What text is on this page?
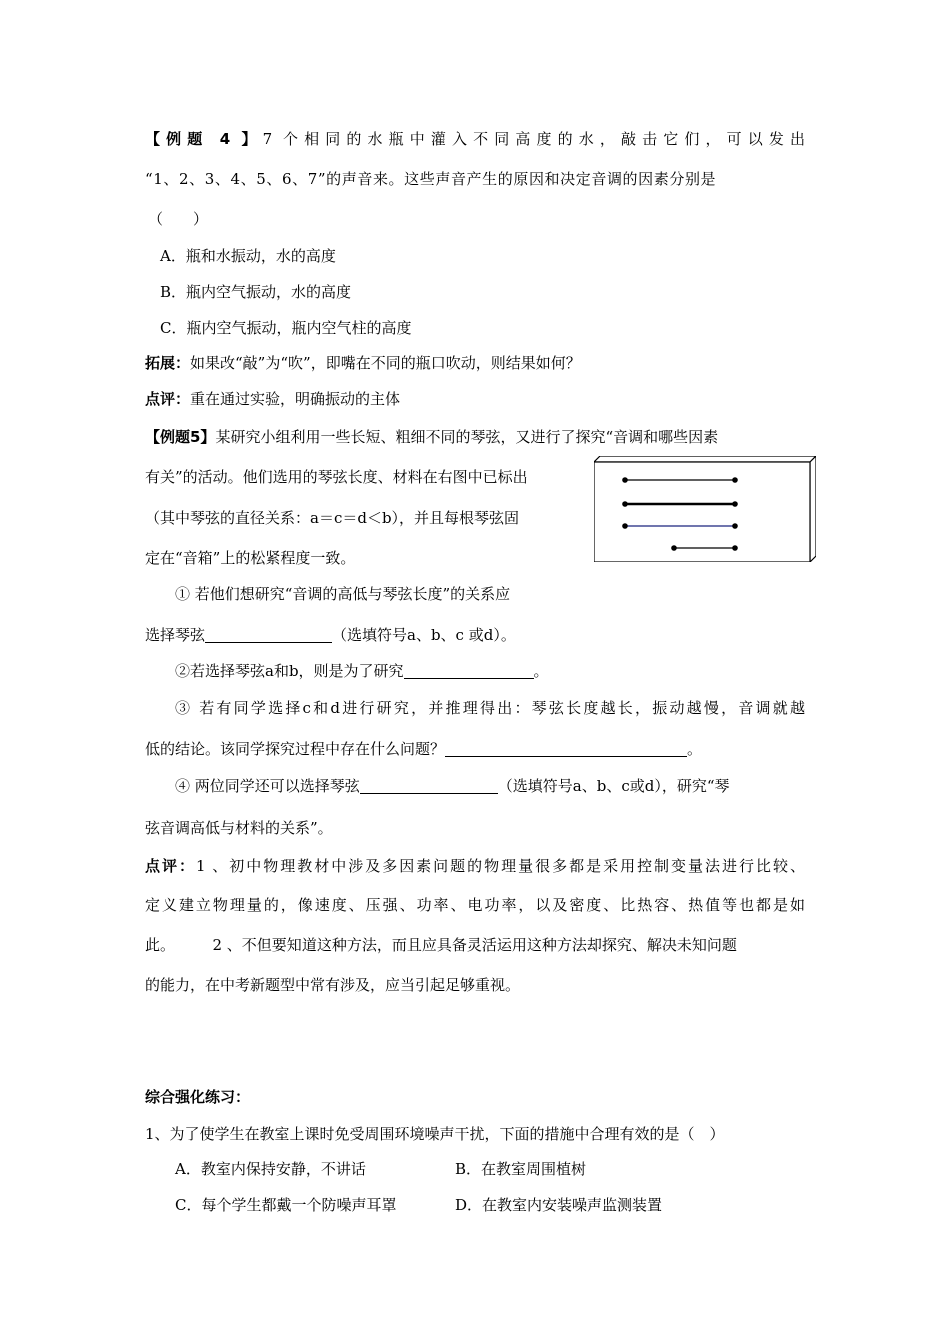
【例题 4 】7 个相同的水瓶中灌入不同高度的水，敲击它们，可以发出
“1、2、3、4、5、6、7”的声音来。这些声音产生的原因和决定音调的因素分别是
（　　）
A．瓶和水振动，水的高度
B．瓶内空气振动，水的高度
C．瓶内空气振动，瓶内空气柱的高度
拓展：如果改“敲”为“吹”，即嘴在不同的瓶口吹动，则结果如何？
点评：重在通过实验，明确振动的主体
【例题5】某研究小组利用一些长短、粗细不同的琴弦，又进行了探究“音调和哪些因素
有关”的活动。他们选用的琴弦长度、材料在右图中已标出
（其中琴弦的直径关系：a＝c＝d＜b），并且每根琴弦固
定在“音箱”上的松紧程度一致。
① 若他们想研究“音调的高低与琴弦长度”的关系应
选择琴弦	（选填符号a、b、c 或d）。
②若选择琴弦a和b，则是为了研究	。
③ 若有同学选择c和d进行研究，并推理得出：琴弦长度越长，振动越慢，音调就越
低的结论。该同学探究过程中存在什么问题？	。
④ 两位同学还可以选择琴弦	（选填符号a、b、c或d），研究“琴
弦音调高低与材料的关系”。
点评：1 、初中物理教材中涉及多因素问题的物理量很多都是采用控制变量法进行比较、
定义建立物理量的，像速度、压强、功率、电功率，以及密度、比热容、热值等也都是如
此。　　　2 、不但要知道这种方法，而且应具备灵活运用这种方法却探究、解决未知问题
的能力，在中考新题型中常有涉及，应当引起足够重视。
综合强化练习：
1、为了使学生在教室上课时免受周围环境噪声干扰，下面的措施中合理有效的是（　）
A．教室内保持安静，不讲话	B．在教室周围植树
C．每个学生都戴一个防噪声耳罩	D．在教室内安装噪声监测装置
